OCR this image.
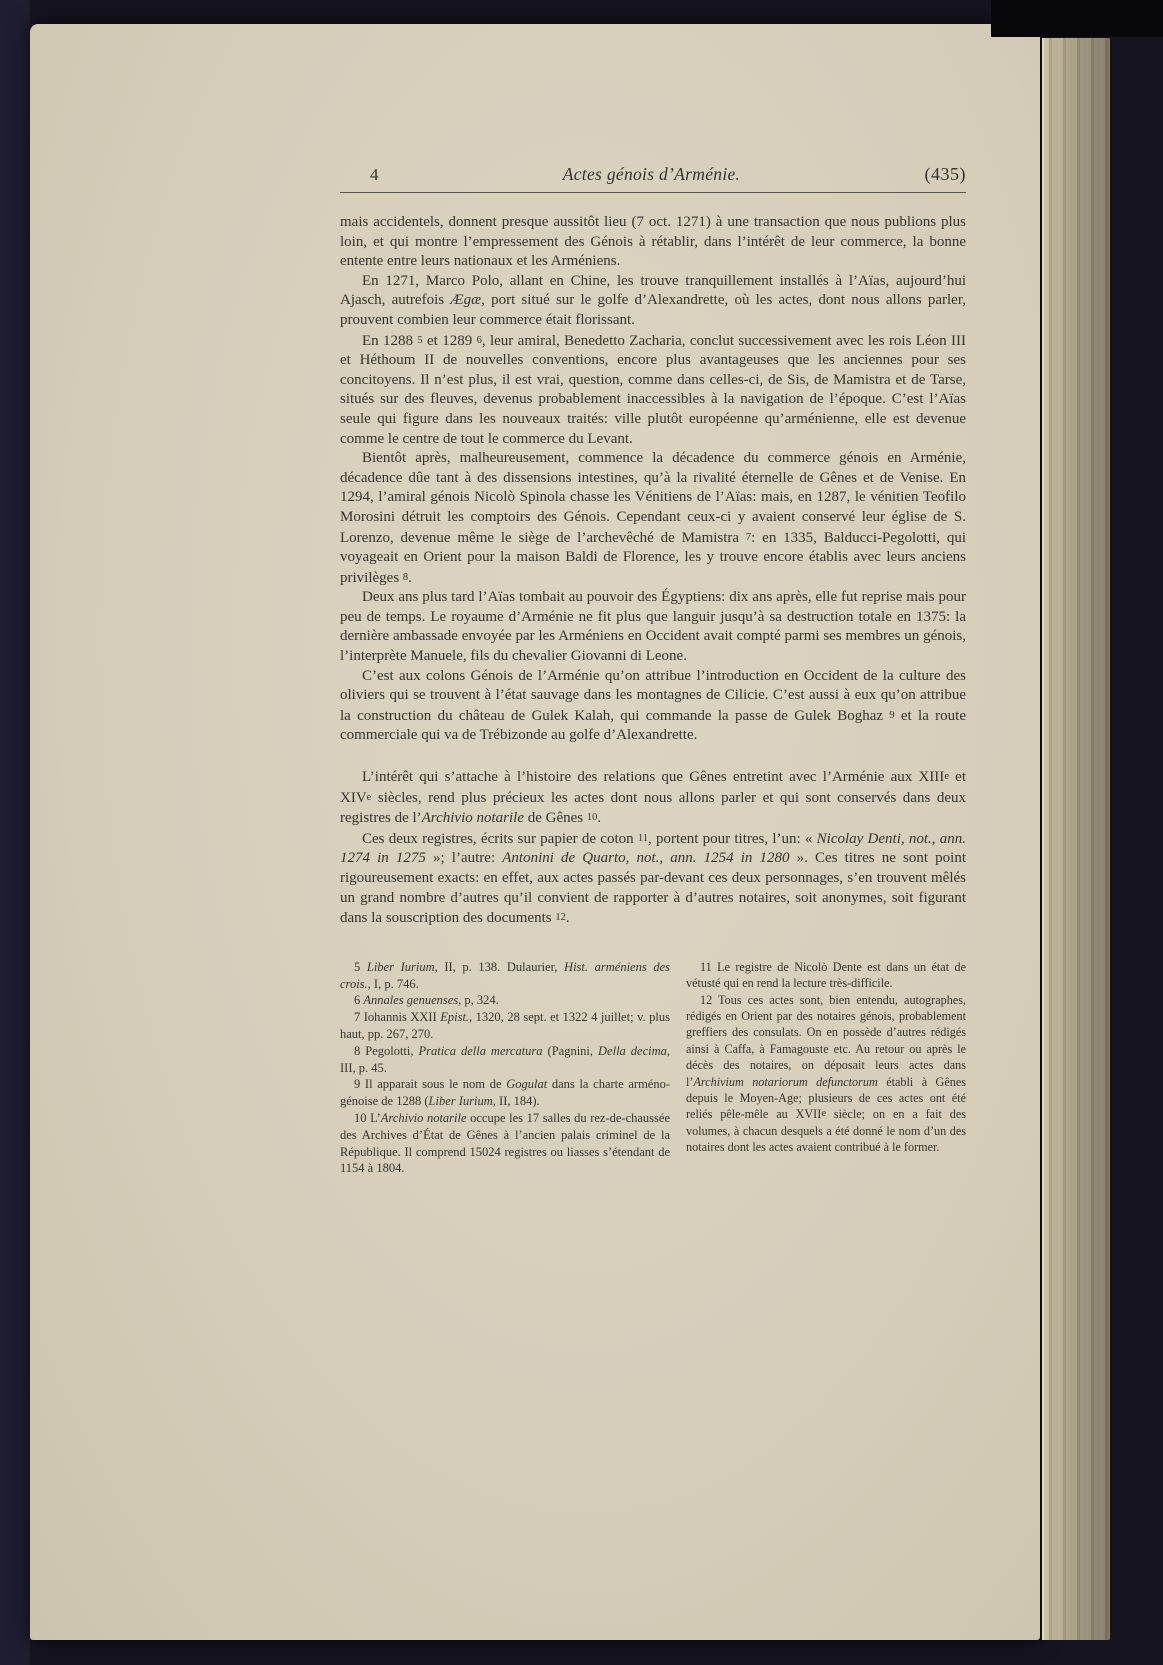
4	Actes génois d’Arménie.	(435)

mais accidentels, donnent presque aussitôt lieu (7 oct. 1271) à une transaction que nous publions plus loin, et qui montre l’empressement des Génois à rétablir, dans l’intérêt de leur commerce, la bonne entente entre leurs nationaux et les Arméniens.

En 1271, Marco Polo, allant en Chine, les trouve tranquillement installés à l’Aïas, aujourd’hui Ajasch, autrefois Ægæ, port situé sur le golfe d’Alexandrette, où les actes, dont nous allons parler, prouvent combien leur commerce était florissant.

En 1288 5 et 1289 6, leur amiral, Benedetto Zacharia, conclut successivement avec les rois Léon III et Héthoum II de nouvelles conventions, encore plus avantageuses que les anciennes pour ses concitoyens. Il n’est plus, il est vrai, question, comme dans celles-ci, de Sis, de Mamistra et de Tarse, situés sur des fleuves, devenus probablement inaccessibles à la navigation de l’époque. C’est l’Aïas seule qui figure dans les nouveaux traités: ville plutôt européenne qu’arménienne, elle est devenue comme le centre de tout le commerce du Levant.

Bientôt après, malheureusement, commence la décadence du commerce génois en Arménie, décadence dûe tant à des dissensions intestines, qu’à la rivalité éternelle de Gênes et de Venise. En 1294, l’amiral génois Nicolò Spinola chasse les Vénitiens de l’Aïas: mais, en 1287, le vénitien Teofilo Morosini détruit les comptoirs des Génois. Cependant ceux-ci y avaient conservé leur église de S. Lorenzo, devenue même le siège de l’archevêché de Mamistra 7: en 1335, Balducci-Pegolotti, qui voyageait en Orient pour la maison Baldi de Florence, les y trouve encore établis avec leurs anciens privilèges 8.

Deux ans plus tard l’Aïas tombait au pouvoir des Égyptiens: dix ans après, elle fut reprise mais pour peu de temps. Le royaume d’Arménie ne fit plus que languir jusqu’à sa destruction totale en 1375: la dernière ambassade envoyée par les Arméniens en Occident avait compté parmi ses membres un génois, l’interprète Manuele, fils du chevalier Giovanni di Leone.

C’est aux colons Génois de l’Arménie qu’on attribue l’introduction en Occident de la culture des oliviers qui se trouvent à l’état sauvage dans les montagnes de Cilicie. C’est aussi à eux qu’on attribue la construction du château de Gulek Kalah, qui commande la passe de Gulek Boghaz 9 et la route commerciale qui va de Trébizonde au golfe d’Alexandrette.

L’intérêt qui s’attache à l’histoire des relations que Gênes entretint avec l’Arménie aux XIIIe et XIVe siècles, rend plus précieux les actes dont nous allons parler et qui sont conservés dans deux registres de l’Archivio notarile de Gênes 10.

Ces deux registres, écrits sur papier de coton 11, portent pour titres, l’un: « Nicolay Denti, not., ann. 1274 in 1275 »; l’autre: Antonini de Quarto, not., ann. 1254 in 1280 ». Ces titres ne sont point rigoureusement exacts: en effet, aux actes passés par-devant ces deux personnages, s’en trouvent mêlés un grand nombre d’autres qu’il convient de rapporter à d’autres notaires, soit anonymes, soit figurant dans la souscription des documents 12.

5 Liber Iurium, II, p. 138. Dulaurier, Hist. arméniens des crois., I, p. 746.

6 Annales genuenses, p, 324.

7 Iohannis XXII Epist., 1320, 28 sept. et 1322 4 juillet; v. plus haut, pp. 267, 270.

8 Pegolotti, Pratica della mercatura (Pagnini, Della decima, III, p. 45.

9 Il apparait sous le nom de Gogulat dans la charte arméno-génoise de 1288 (Liber Iurium, II, 184).

10 L’Archivio notarile occupe les 17 salles du rez-de-chaussée des Archives d’État de Gênes à l’ancien palais criminel de la République. Il comprend 15024 registres ou liasses s’étendant de 1154 à 1804.

11 Le registre de Nicolò Dente est dans un état de vétusté qui en rend la lecture très-difficile.

12 Tous ces actes sont, bien entendu, autographes, rédigés en Orient par des notaires génois, probablement greffiers des consulats. On en possède d’autres rédigés ainsi à Caffa, à Famagouste etc. Au retour ou après le décès des notaires, on déposait leurs actes dans l’Archivium notariorum defunctorum établi à Gênes depuis le Moyen-Age; plusieurs de ces actes ont été reliés pêle-mêle au XVIIe siècle; on en a fait des volumes, à chacun desquels a été donné le nom d’un des notaires dont les actes avaient contribué à le former.
